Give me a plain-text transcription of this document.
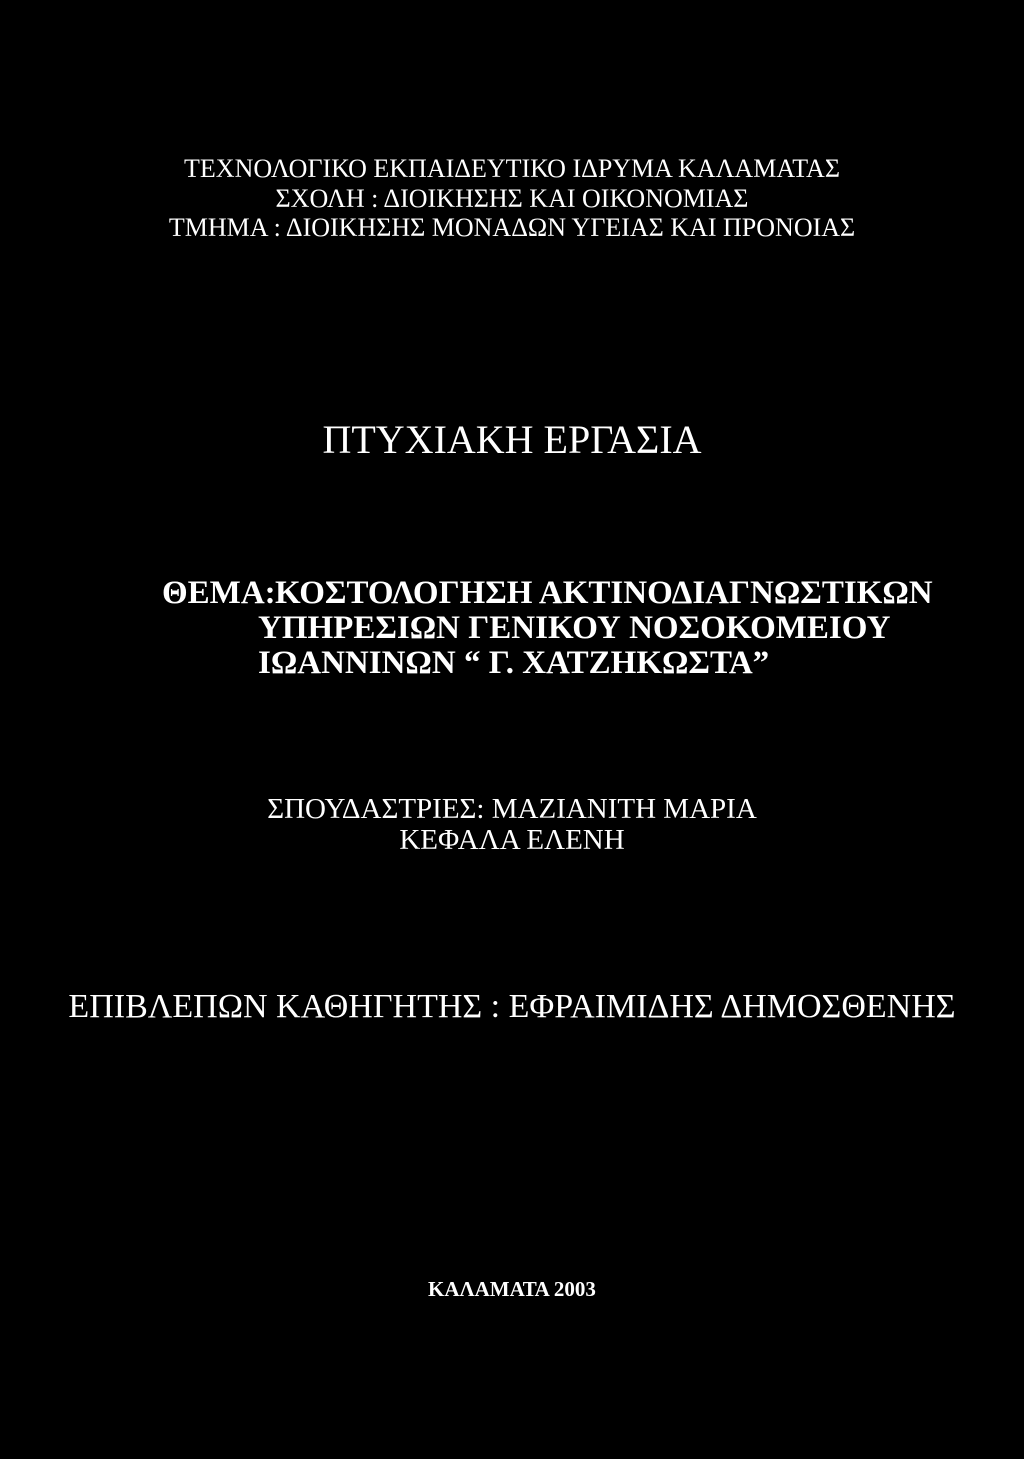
ΤΕΧΝΟΛΟΓΙΚΟ ΕΚΠΑΙΔΕΥΤΙΚΟ ΙΔΡΥΜΑ ΚΑΛΑΜΑΤΑΣ
ΣΧΟΛΗ : ΔΙΟΙΚΗΣΗΣ ΚΑΙ ΟΙΚΟΝΟΜΙΑΣ
ΤΜΗΜΑ : ΔΙΟΙΚΗΣΗΣ ΜΟΝΑΔΩΝ ΥΓΕΙΑΣ ΚΑΙ ΠΡΟΝΟΙΑΣ
ΠΤΥΧΙΑΚΗ ΕΡΓΑΣΙΑ
ΘΕΜΑ: ΚΟΣΤΟΛΟΓΗΣΗ ΑΚΤΙΝΟΔΙΑΓΝΩΣΤΙΚΩΝ
ΥΠΗΡΕΣΙΩΝ ΓΕΝΙΚΟΥ ΝΟΣΟΚΟΜΕΙΟΥ
ΙΩΑΝΝΙΝΩΝ “ Γ. ΧΑΤΖΗΚΩΣΤΑ”
ΣΠΟΥΔΑΣΤΡΙΕΣ: ΜΑΖΙΑΝΙΤΗ ΜΑΡΙΑ
ΚΕΦΑΛΑ ΕΛΕΝΗ
ΕΠΙΒΛΕΠΩΝ ΚΑΘΗΓΗΤΗΣ : ΕΦΡΑΙΜΙΔΗΣ ΔΗΜΟΣΘΕΝΗΣ
ΚΑΛΑΜΑΤΑ 2003
